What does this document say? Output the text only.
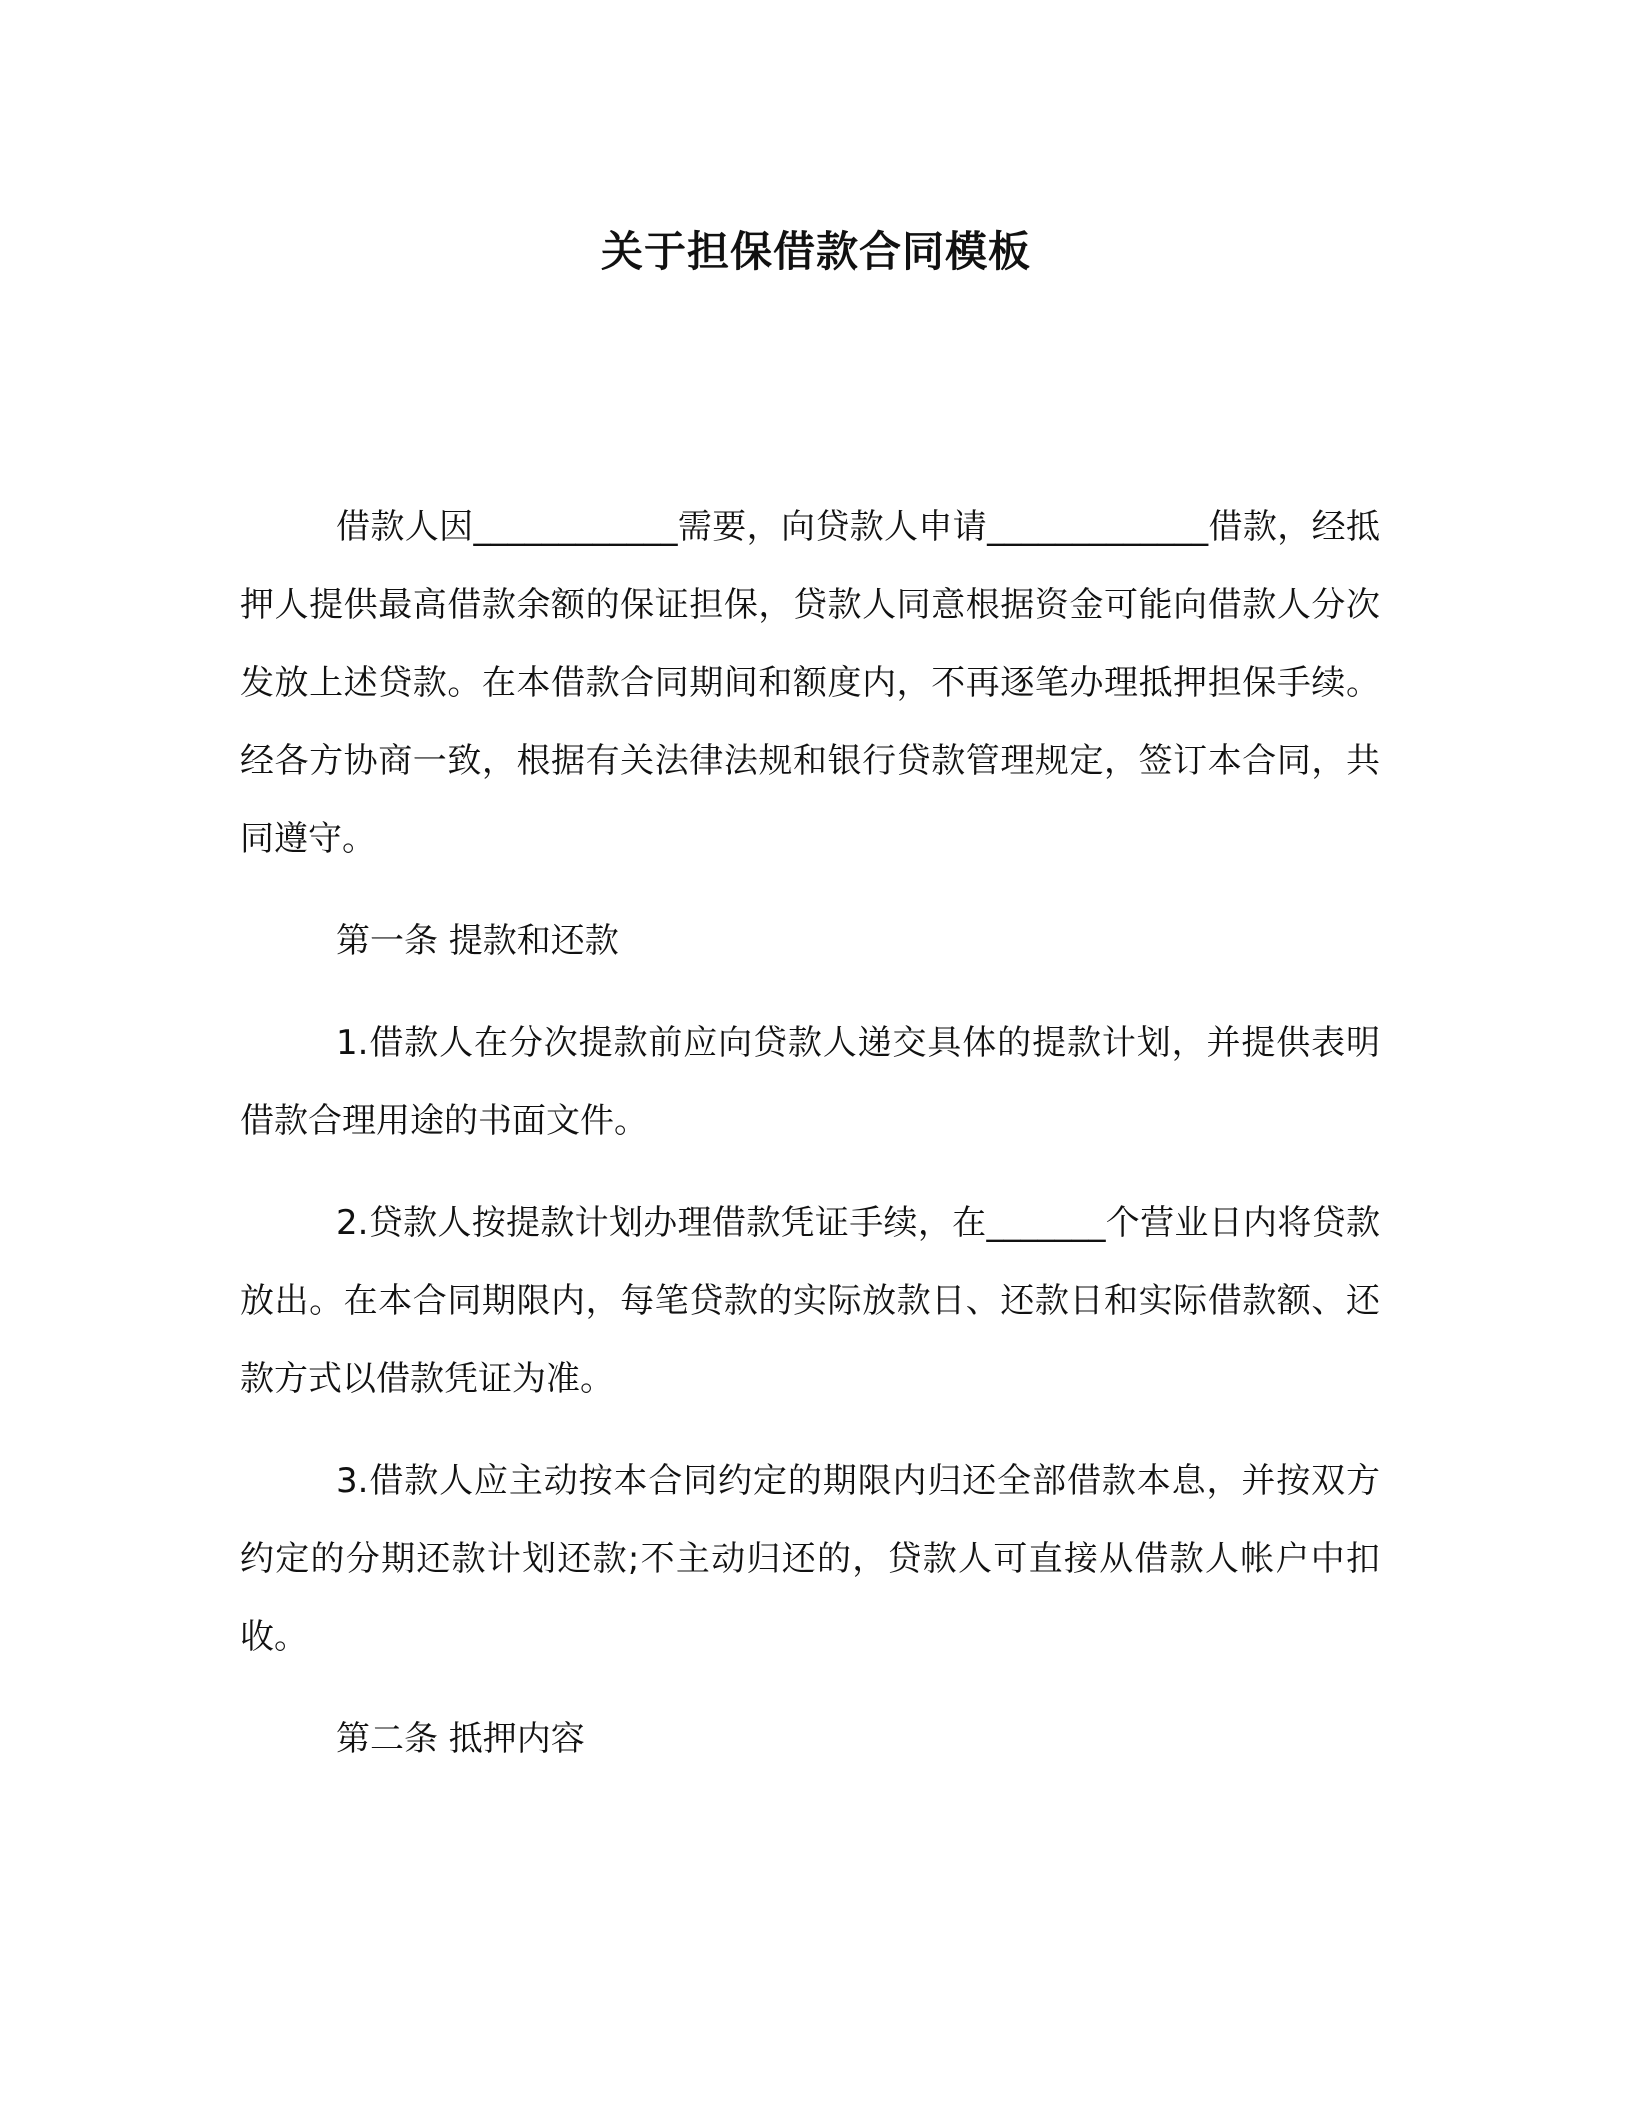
关于担保借款合同模板

借款人因____________需要，向贷款人申请_____________借款，经抵押人提供最高借款余额的保证担保，贷款人同意根据资金可能向借款人分次发放上述贷款。在本借款合同期间和额度内，不再逐笔办理抵押担保手续。经各方协商一致，根据有关法律法规和银行贷款管理规定，签订本合同，共同遵守。

第一条 提款和还款

1.借款人在分次提款前应向贷款人递交具体的提款计划，并提供表明借款合理用途的书面文件。

2.贷款人按提款计划办理借款凭证手续，在_______个营业日内将贷款放出。在本合同期限内，每笔贷款的实际放款日、还款日和实际借款额、还款方式以借款凭证为准。

3.借款人应主动按本合同约定的期限内归还全部借款本息，并按双方约定的分期还款计划还款;不主动归还的，贷款人可直接从借款人帐户中扣收。

第二条 抵押内容
